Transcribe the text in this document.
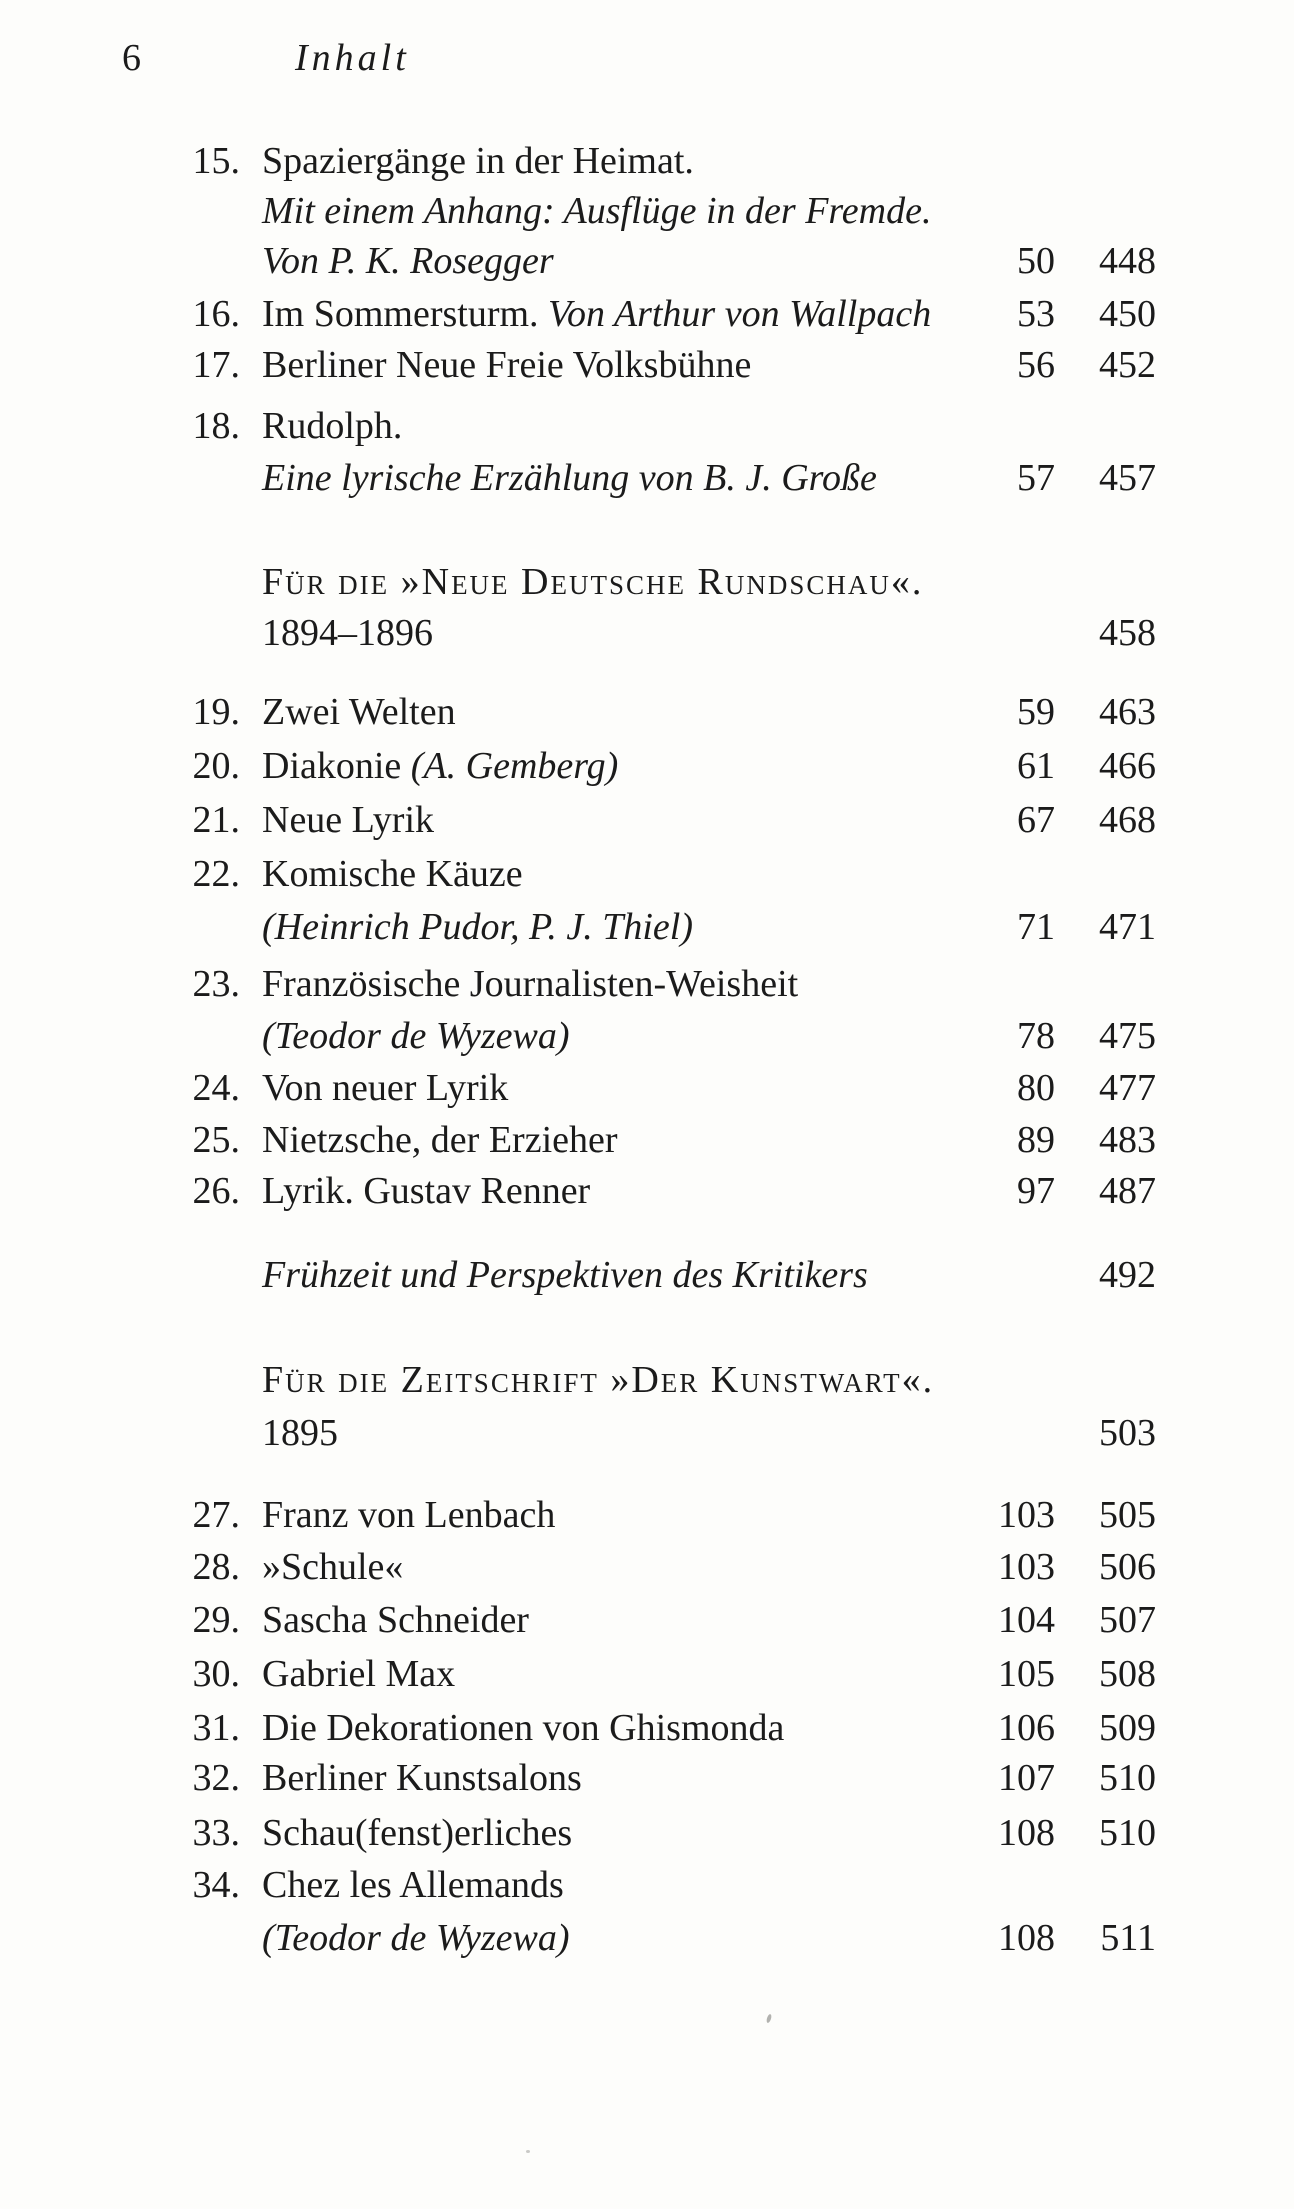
6	Inhalt
15. Spaziergänge in der Heimat.
Mit einem Anhang: Ausflüge in der Fremde.
Von P. K. Rosegger	50	448
16. Im Sommersturm. Von Arthur von Wallpach	53	450
17. Berliner Neue Freie Volksbühne	56	452
18. Rudolph.
Eine lyrische Erzählung von B. J. Große	57	457
Für die »Neue Deutsche Rundschau«.
1894–1896	458
19. Zwei Welten	59	463
20. Diakonie (A. Gemberg)	61	466
21. Neue Lyrik	67	468
22. Komische Käuze
(Heinrich Pudor, P. J. Thiel)	71	471
23. Französische Journalisten-Weisheit
(Teodor de Wyzewa)	78	475
24. Von neuer Lyrik	80	477
25. Nietzsche, der Erzieher	89	483
26. Lyrik. Gustav Renner	97	487
Frühzeit und Perspektiven des Kritikers	492
Für die Zeitschrift »Der Kunstwart«.
1895	503
27. Franz von Lenbach	103	505
28. »Schule«	103	506
29. Sascha Schneider	104	507
30. Gabriel Max	105	508
31. Die Dekorationen von Ghismonda	106	509
32. Berliner Kunstsalons	107	510
33. Schau(fenst)erliches	108	510
34. Chez les Allemands
(Teodor de Wyzewa)	108	511
